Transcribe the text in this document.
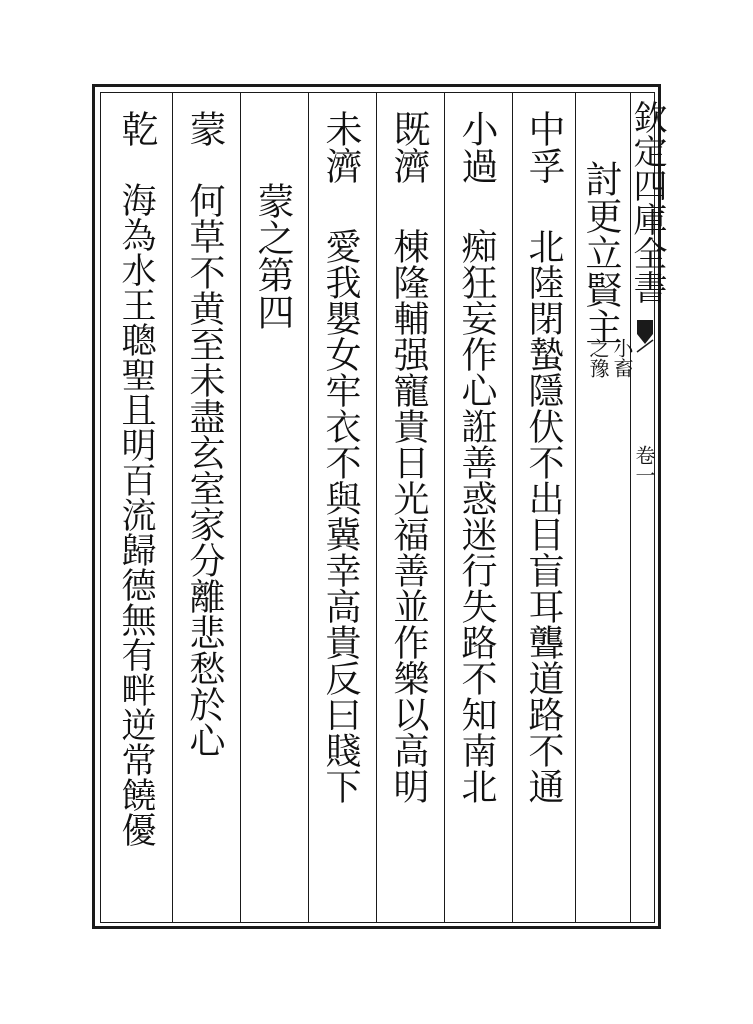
欽定四庫全書
卷一
討更立賢主
小畜
之豫
中孚
北陸閉蟄隱伏不出目盲耳聾道路不通
小過
痴狂妄作心誑善惑迷行失路不知南北
既濟
棟隆輔强寵貴日光福善並作樂以高明
未濟
愛我嬰女牢衣不與冀幸高貴反曰賤下
蒙之第四
蒙
何草不黄至未盡玄室家分離悲愁於心
乾
海為水王聰聖且明百流歸德無有畔逆常饒優
